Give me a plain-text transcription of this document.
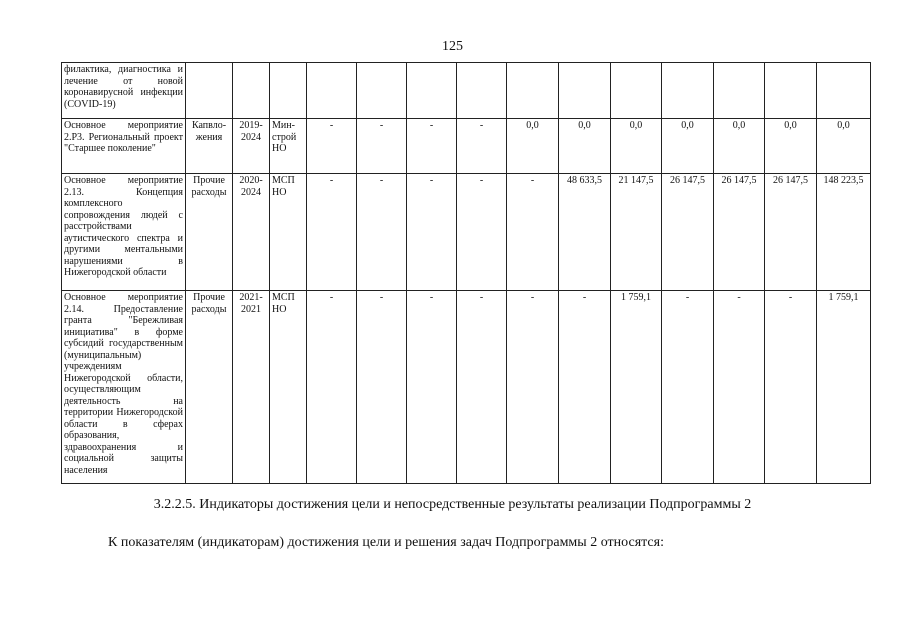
125
филактика, диагностика и лечение от новой коронавирусной инфекции (COVID-19)														
Основное мероприятие 2.Р3. Региональный проект "Старшее поколение"	Капвло-жения	2019-2024	Мин-строй НО	-	-	-	-	0,0	0,0	0,0	0,0	0,0	0,0	0,0
Основное мероприятие 2.13. Концепция комплексного сопровождения людей с расстройствами аутистического спектра и другими ментальными нарушениями в Нижегородской области	Прочие расходы	2020-2024	МСП НО	-	-	-	-	-	48 633,5	21 147,5	26 147,5	26 147,5	26 147,5	148 223,5
Основное мероприятие 2.14. Предоставление гранта "Бережливая инициатива" в форме субсидий государственным (муниципальным) учреждениям Нижегородской области, осуществляющим деятельность на территории Нижегородской области в сферах образования, здравоохранения и социальной защиты населения	Прочие расходы	2021-2021	МСП НО	-	-	-	-	-	-	1 759,1	-	-	-	1 759,1
3.2.2.5. Индикаторы достижения цели и непосредственные результаты реализации Подпрограммы 2
К показателям (индикаторам) достижения цели и решения задач Подпрограммы 2 относятся:
